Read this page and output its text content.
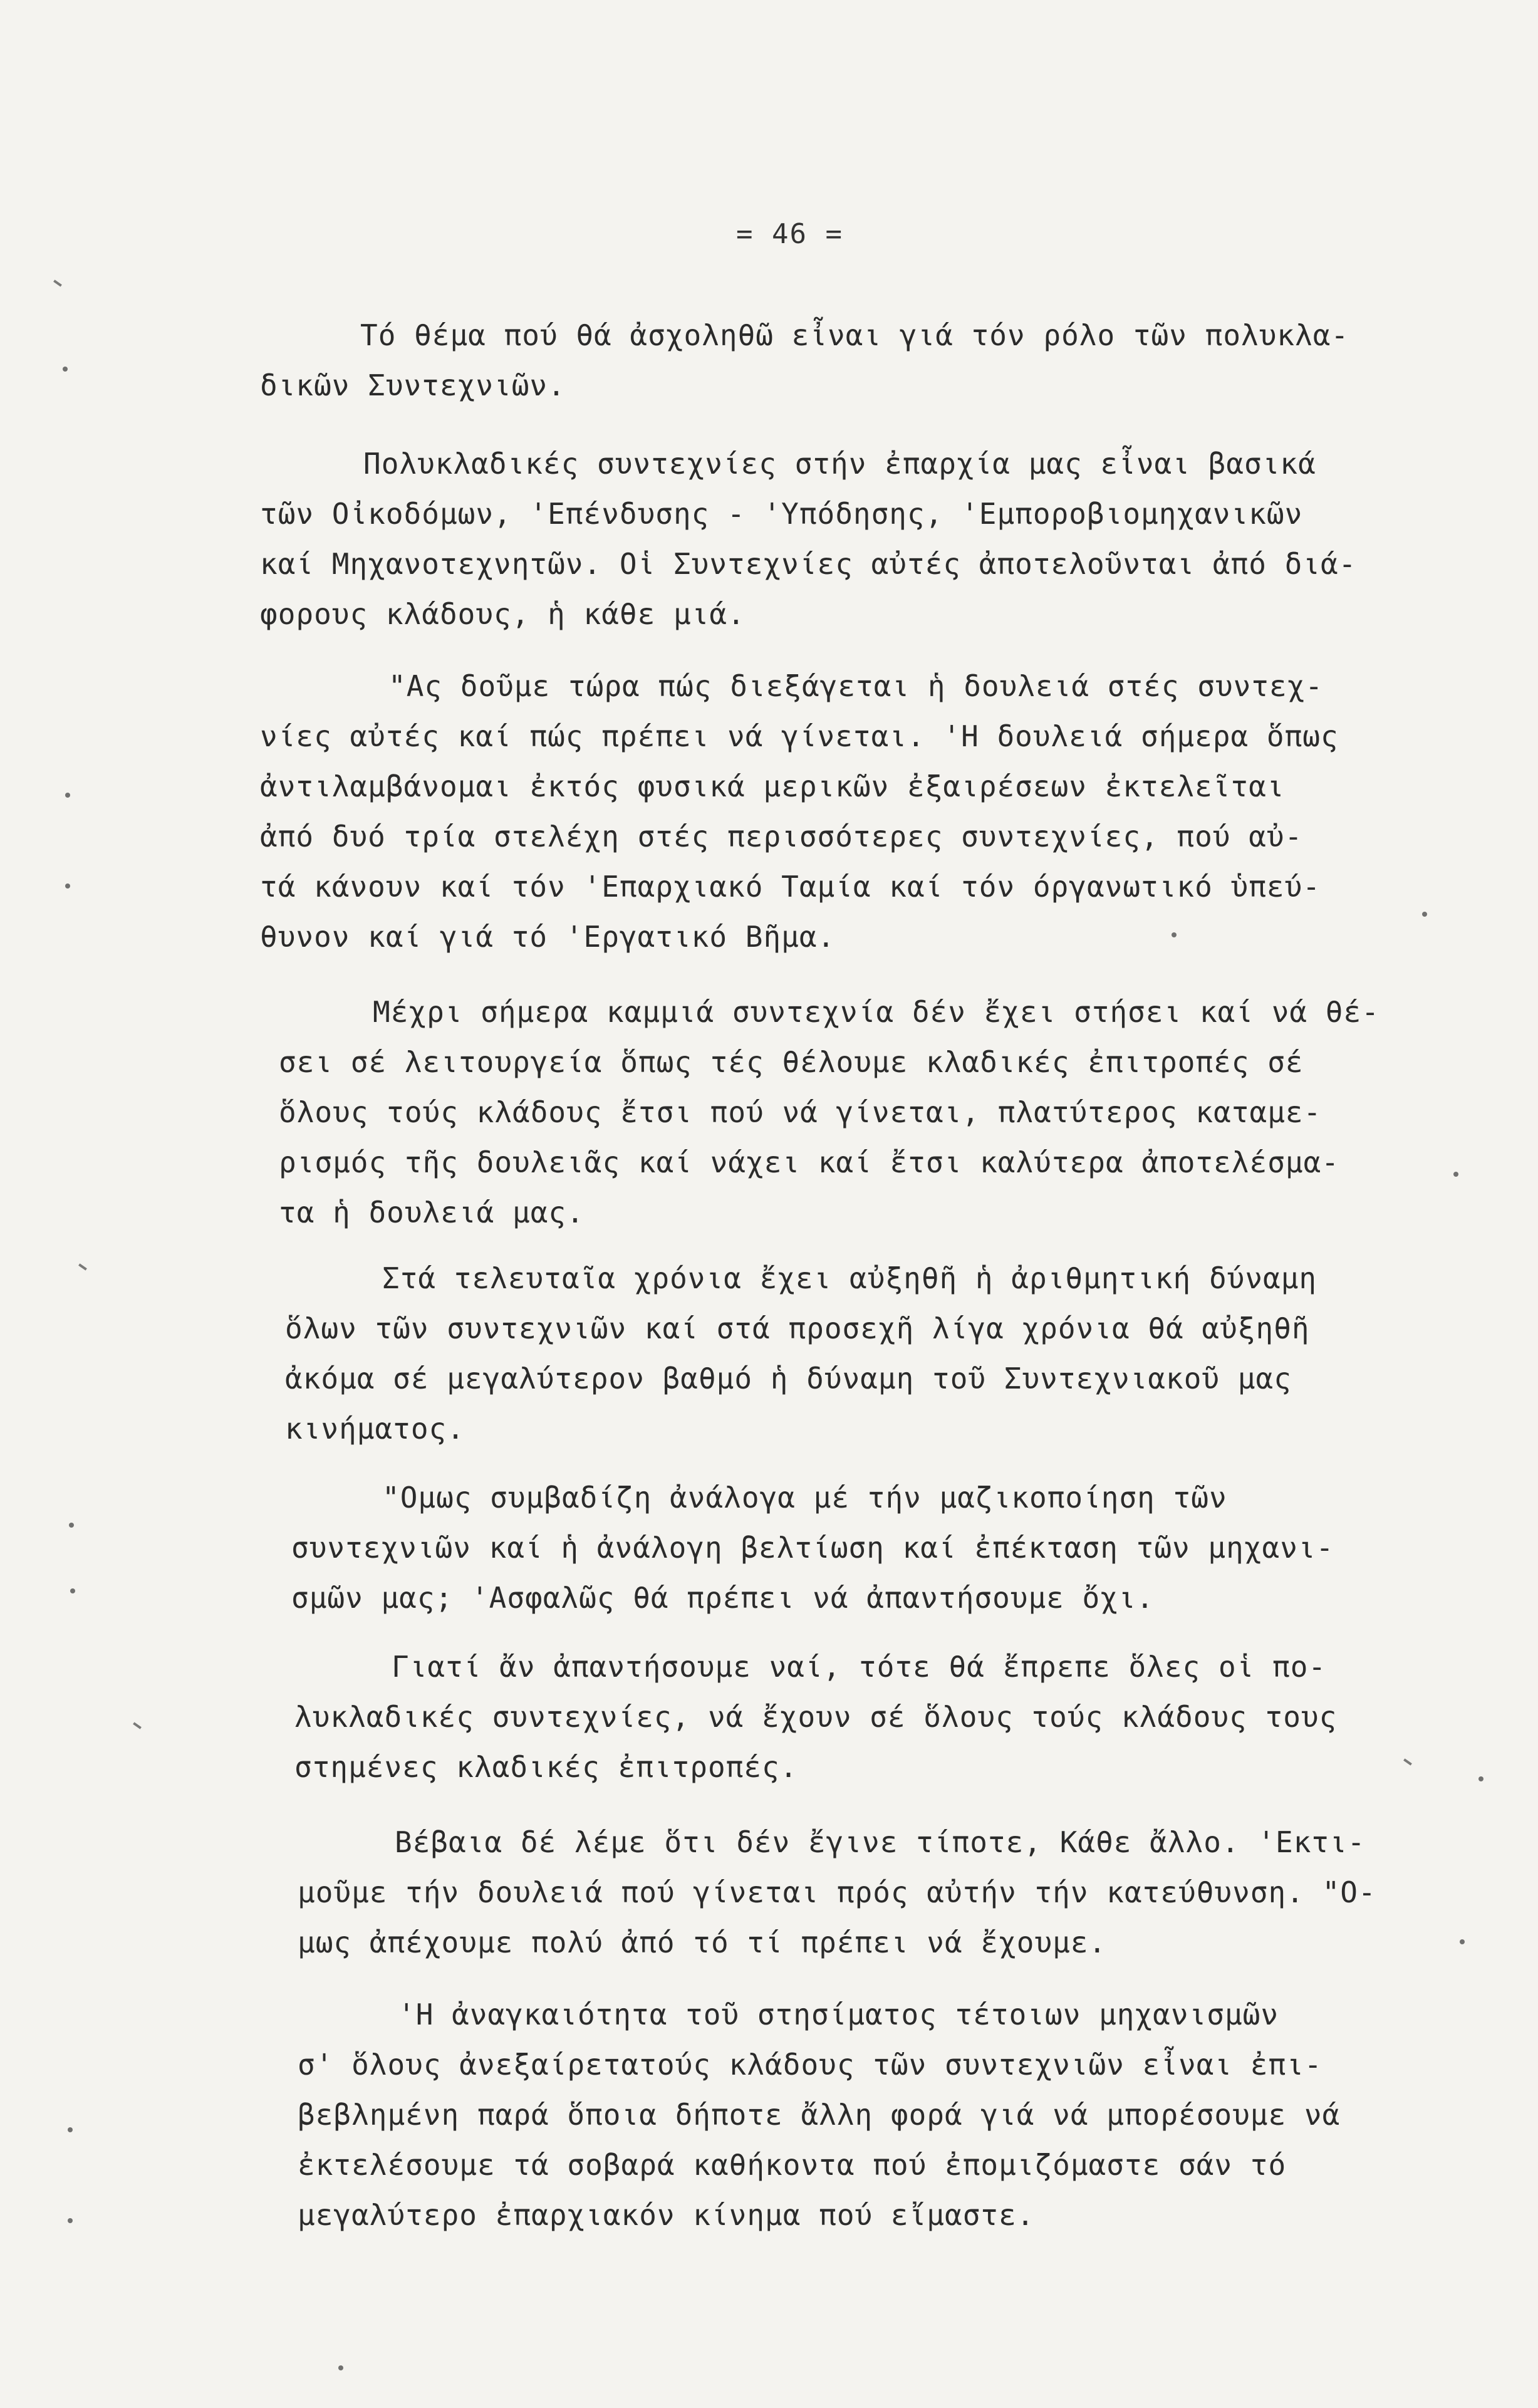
= 46 =
Τό θέμα πού θά ἀσχοληθῶ εἶναι γιά τόν ρόλο τῶν πολυκλα-
δικῶν Συντεχνιῶν.
Πολυκλαδικές συντεχνίες στήν ἐπαρχία μας εἶναι βασικά
τῶν Οἰκοδόμων, 'Επένδυσης - 'Υπόδησης, 'Εμποροβιομηχανικῶν
καί Μηχανοτεχνητῶν. Οἱ Συντεχνίες αὐτές ἀποτελοῦνται ἀπό διά-
φορους κλάδους, ἡ κάθε μιά.
"Ας δοῦμε τώρα πώς διεξάγεται ἡ δουλειά στές συντεχ-
νίες αὐτές καί πώς πρέπει νά γίνεται. 'Η δουλειά σήμερα ὅπως
ἀντιλαμβάνομαι ἐκτός φυσικά μερικῶν ἐξαιρέσεων ἐκτελεῖται
ἀπό δυό τρία στελέχη στές περισσότερες συντεχνίες, πού αὐ-
τά κάνουν καί τόν 'Επαρχιακό Ταμία καί τόν όργανωτικό ὑπεύ-
θυνον καί γιά τό 'Εργατικό Βῆμα.
Μέχρι σήμερα καμμιά συντεχνία δέν ἔχει στήσει καί νά θέ-
σει σέ λειτουργεία ὅπως τές θέλουμε κλαδικές ἐπιτροπές σέ
ὅλους τούς κλάδους ἔτσι πού νά γίνεται, πλατύτερος καταμε-
ρισμός τῆς δουλειᾶς καί νάχει καί ἔτσι καλύτερα ἀποτελέσμα-
τα ἡ δουλειά μας.
Στά τελευταῖα χρόνια ἔχει αὐξηθῆ ἡ ἀριθμητική δύναμη
ὅλων τῶν συντεχνιῶν καί στά προσεχῆ λίγα χρόνια θά αὐξηθῆ
ἀκόμα σέ μεγαλύτερον βαθμό ἡ δύναμη τοῦ Συντεχνιακοῦ μας
κινήματος.
"Ομως συμβαδίζη ἀνάλογα μέ τήν μαζικοποίηση τῶν
συντεχνιῶν καί ἡ ἀνάλογη βελτίωση καί ἐπέκταση τῶν μηχανι-
σμῶν μας; 'Ασφαλῶς θά πρέπει νά ἀπαντήσουμε ὄχι.
Γιατί ἄν ἀπαντήσουμε ναί, τότε θά ἔπρεπε ὅλες οἱ πο-
λυκλαδικές συντεχνίες, νά ἔχουν σέ ὅλους τούς κλάδους τους
στημένες κλαδικές ἐπιτροπές.
Βέβαια δέ λέμε ὅτι δέν ἔγινε τίποτε, Κάθε ἄλλο. 'Εκτι-
μοῦμε τήν δουλειά πού γίνεται πρός αὐτήν τήν κατεύθυνση. "Ο-
μως ἀπέχουμε πολύ ἀπό τό τί πρέπει νά ἔχουμε.
'Η ἀναγκαιότητα τοῦ στησίματος τέτοιων μηχανισμῶν
σ' ὅλους ἀνεξαίρετατούς κλάδους τῶν συντεχνιῶν εἶναι ἐπι-
βεβλημένη παρά ὅποια δήποτε ἄλλη φορά γιά νά μπορέσουμε νά
ἐκτελέσουμε τά σοβαρά καθήκοντα πού ἐπομιζόμαστε σάν τό
μεγαλύτερο ἐπαρχιακόν κίνημα πού εἴμαστε.
